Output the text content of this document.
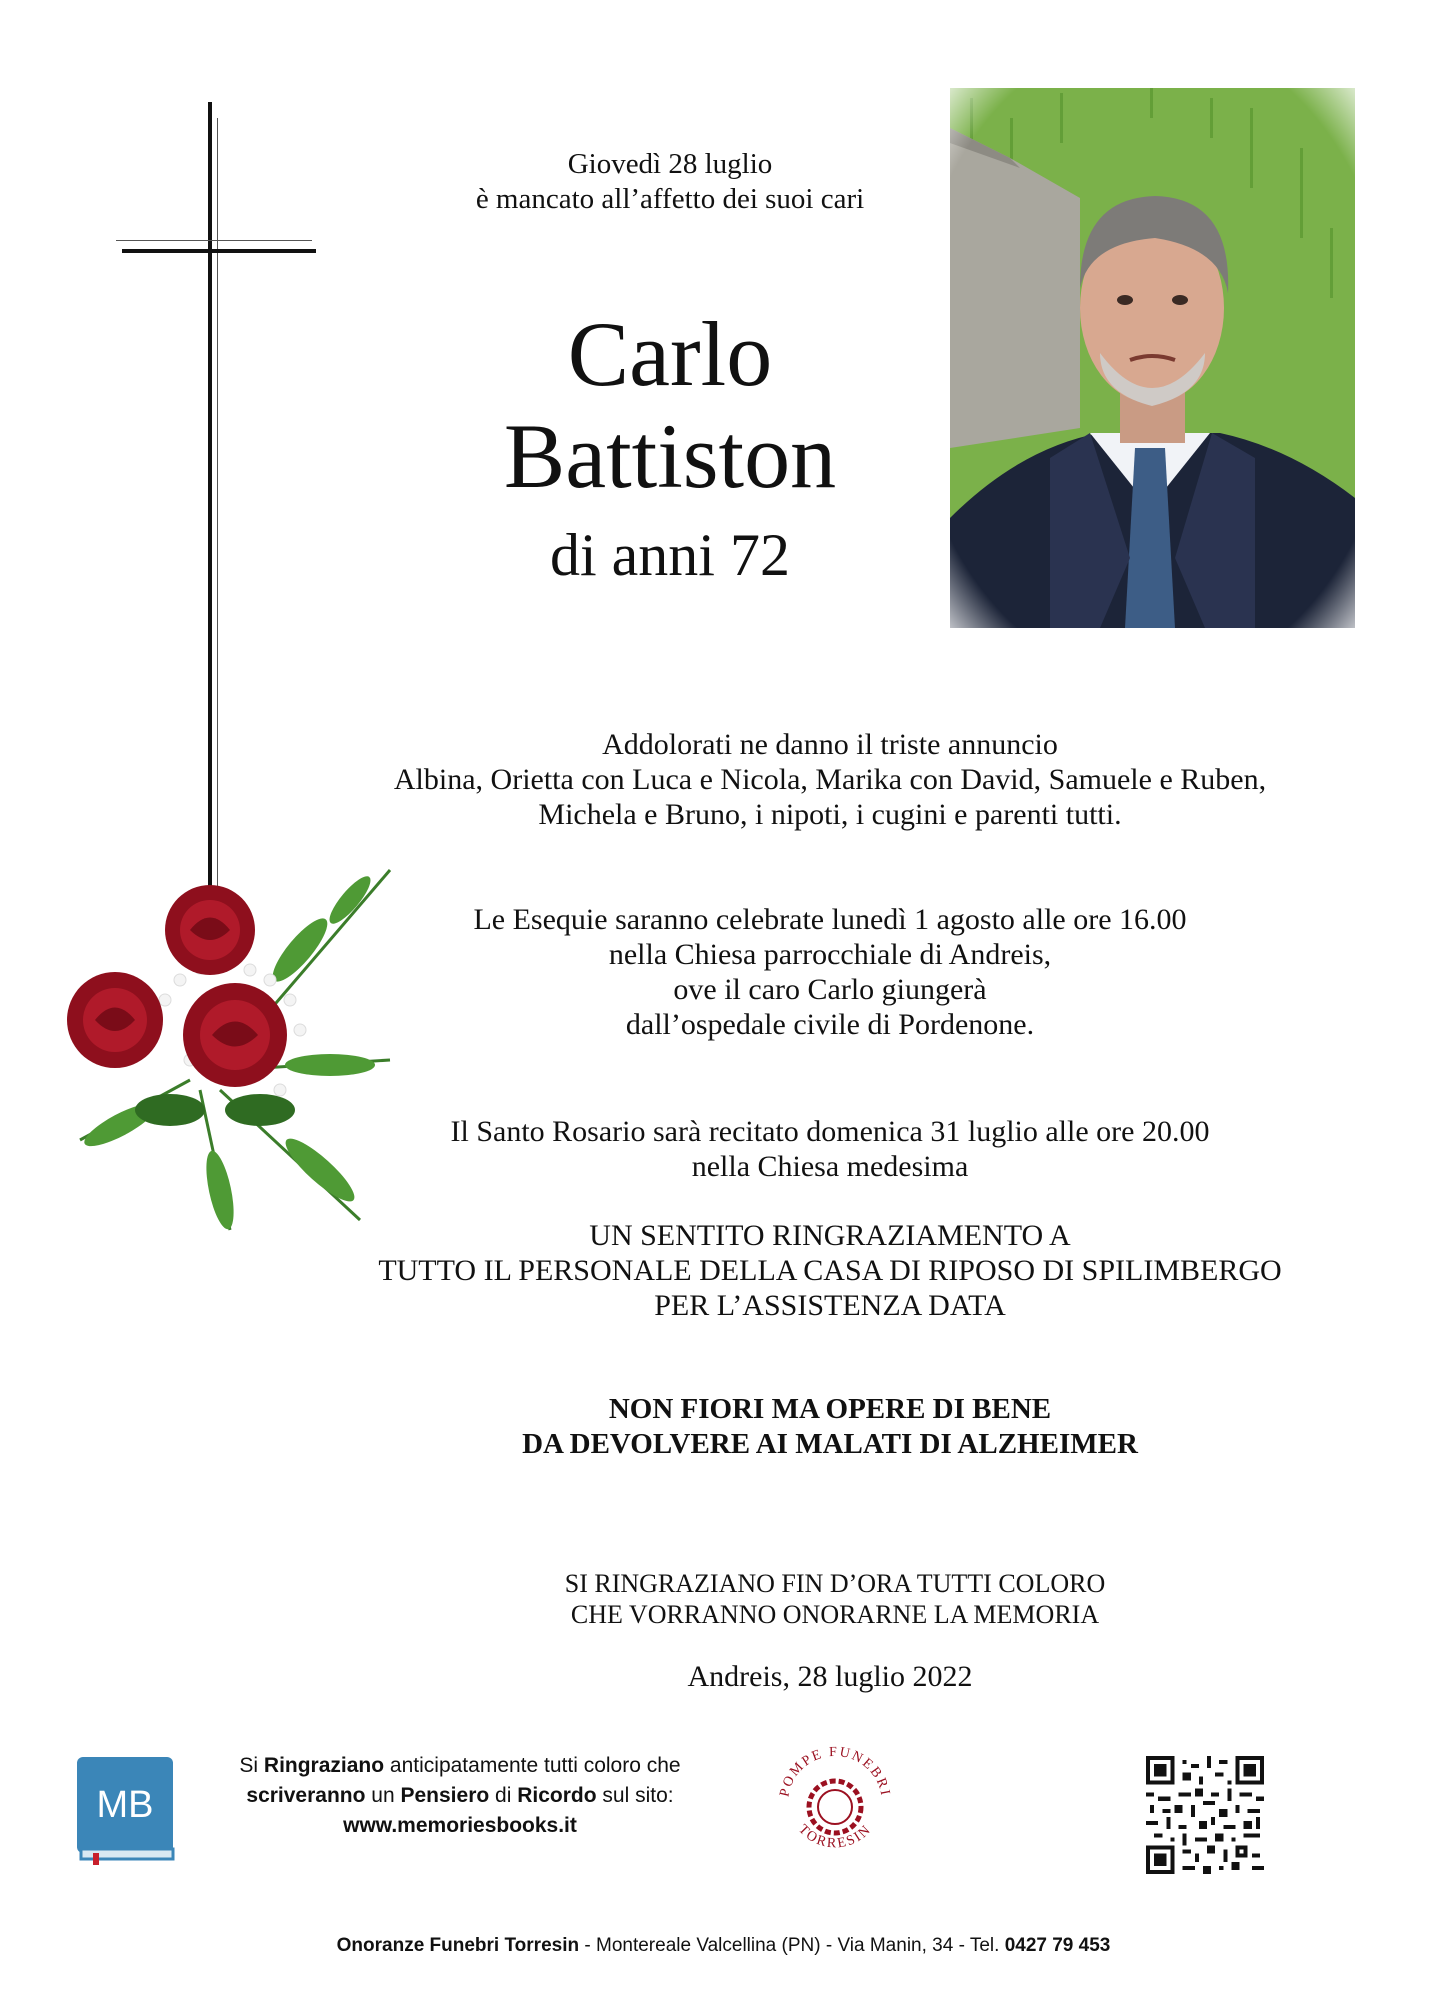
Giovedì 28 luglio
è mancato all’affetto dei suoi cari
Carlo
Battiston
di anni 72
Addolorati ne danno il triste annuncio
Albina, Orietta con Luca e Nicola, Marika con David, Samuele e Ruben,
Michela e Bruno, i nipoti, i cugini e parenti tutti.
Le Esequie saranno celebrate lunedì 1 agosto alle ore 16.00
nella Chiesa parrocchiale di Andreis,
ove il caro Carlo giungerà
dall’ospedale civile di Pordenone.
Il Santo Rosario sarà recitato domenica 31 luglio alle ore 20.00
nella Chiesa medesima
UN SENTITO RINGRAZIAMENTO A
TUTTO IL PERSONALE DELLA CASA DI RIPOSO DI SPILIMBERGO
PER L’ASSISTENZA DATA
NON FIORI MA OPERE DI BENE
DA DEVOLVERE AI MALATI DI ALZHEIMER
SI RINGRAZIANO FIN D’ORA TUTTI COLORO
CHE VORRANNO ONORARNE LA MEMORIA
Andreis, 28 luglio 2022
MB
Si Ringraziano anticipatamente tutti coloro che
scriveranno un Pensiero di Ricordo sul sito:
www.memoriesbooks.it
POMPE FUNEBRI
TORRESIN
Onoranze Funebri Torresin - Montereale Valcellina (PN) - Via Manin, 34 - Tel. 0427 79 453
